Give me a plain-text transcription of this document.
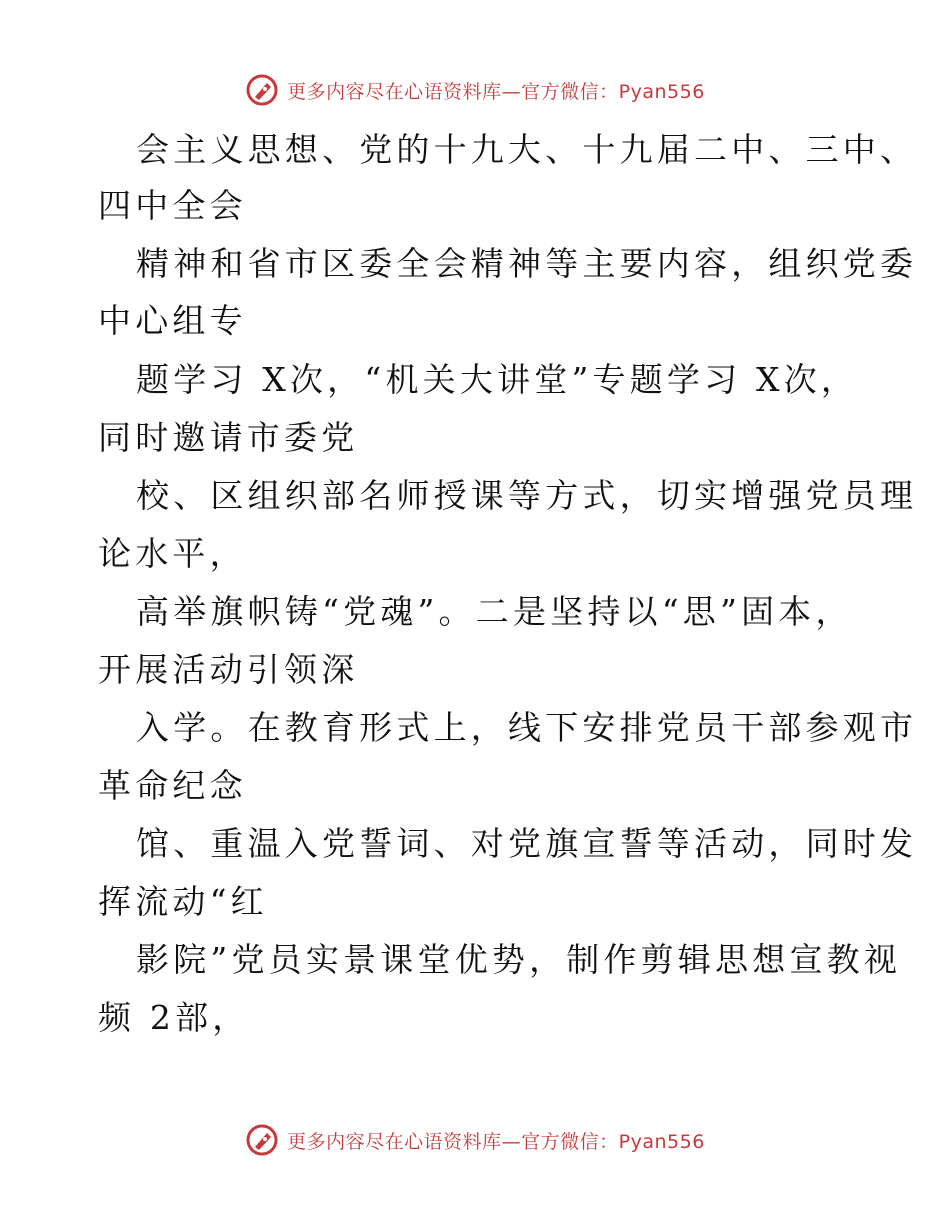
更多内容尽在心语资料库—官方微信：Pyan556
会主义思想、党的十九大、十九届二中、三中、
四中全会
精神和省市区委全会精神等主要内容，组织党委
中心组专
题学习 X次，“机关大讲堂”专题学习 X次，
同时邀请市委党
校、区组织部名师授课等方式，切实增强党员理
论水平，
高举旗帜铸“党魂”。二是坚持以“思”固本，
开展活动引领深
入学。在教育形式上，线下安排党员干部参观市
革命纪念
馆、重温入党誓词、对党旗宣誓等活动，同时发
挥流动“红
影院”党员实景课堂优势，制作剪辑思想宣教视
频 2部，
更多内容尽在心语资料库—官方微信：Pyan556
